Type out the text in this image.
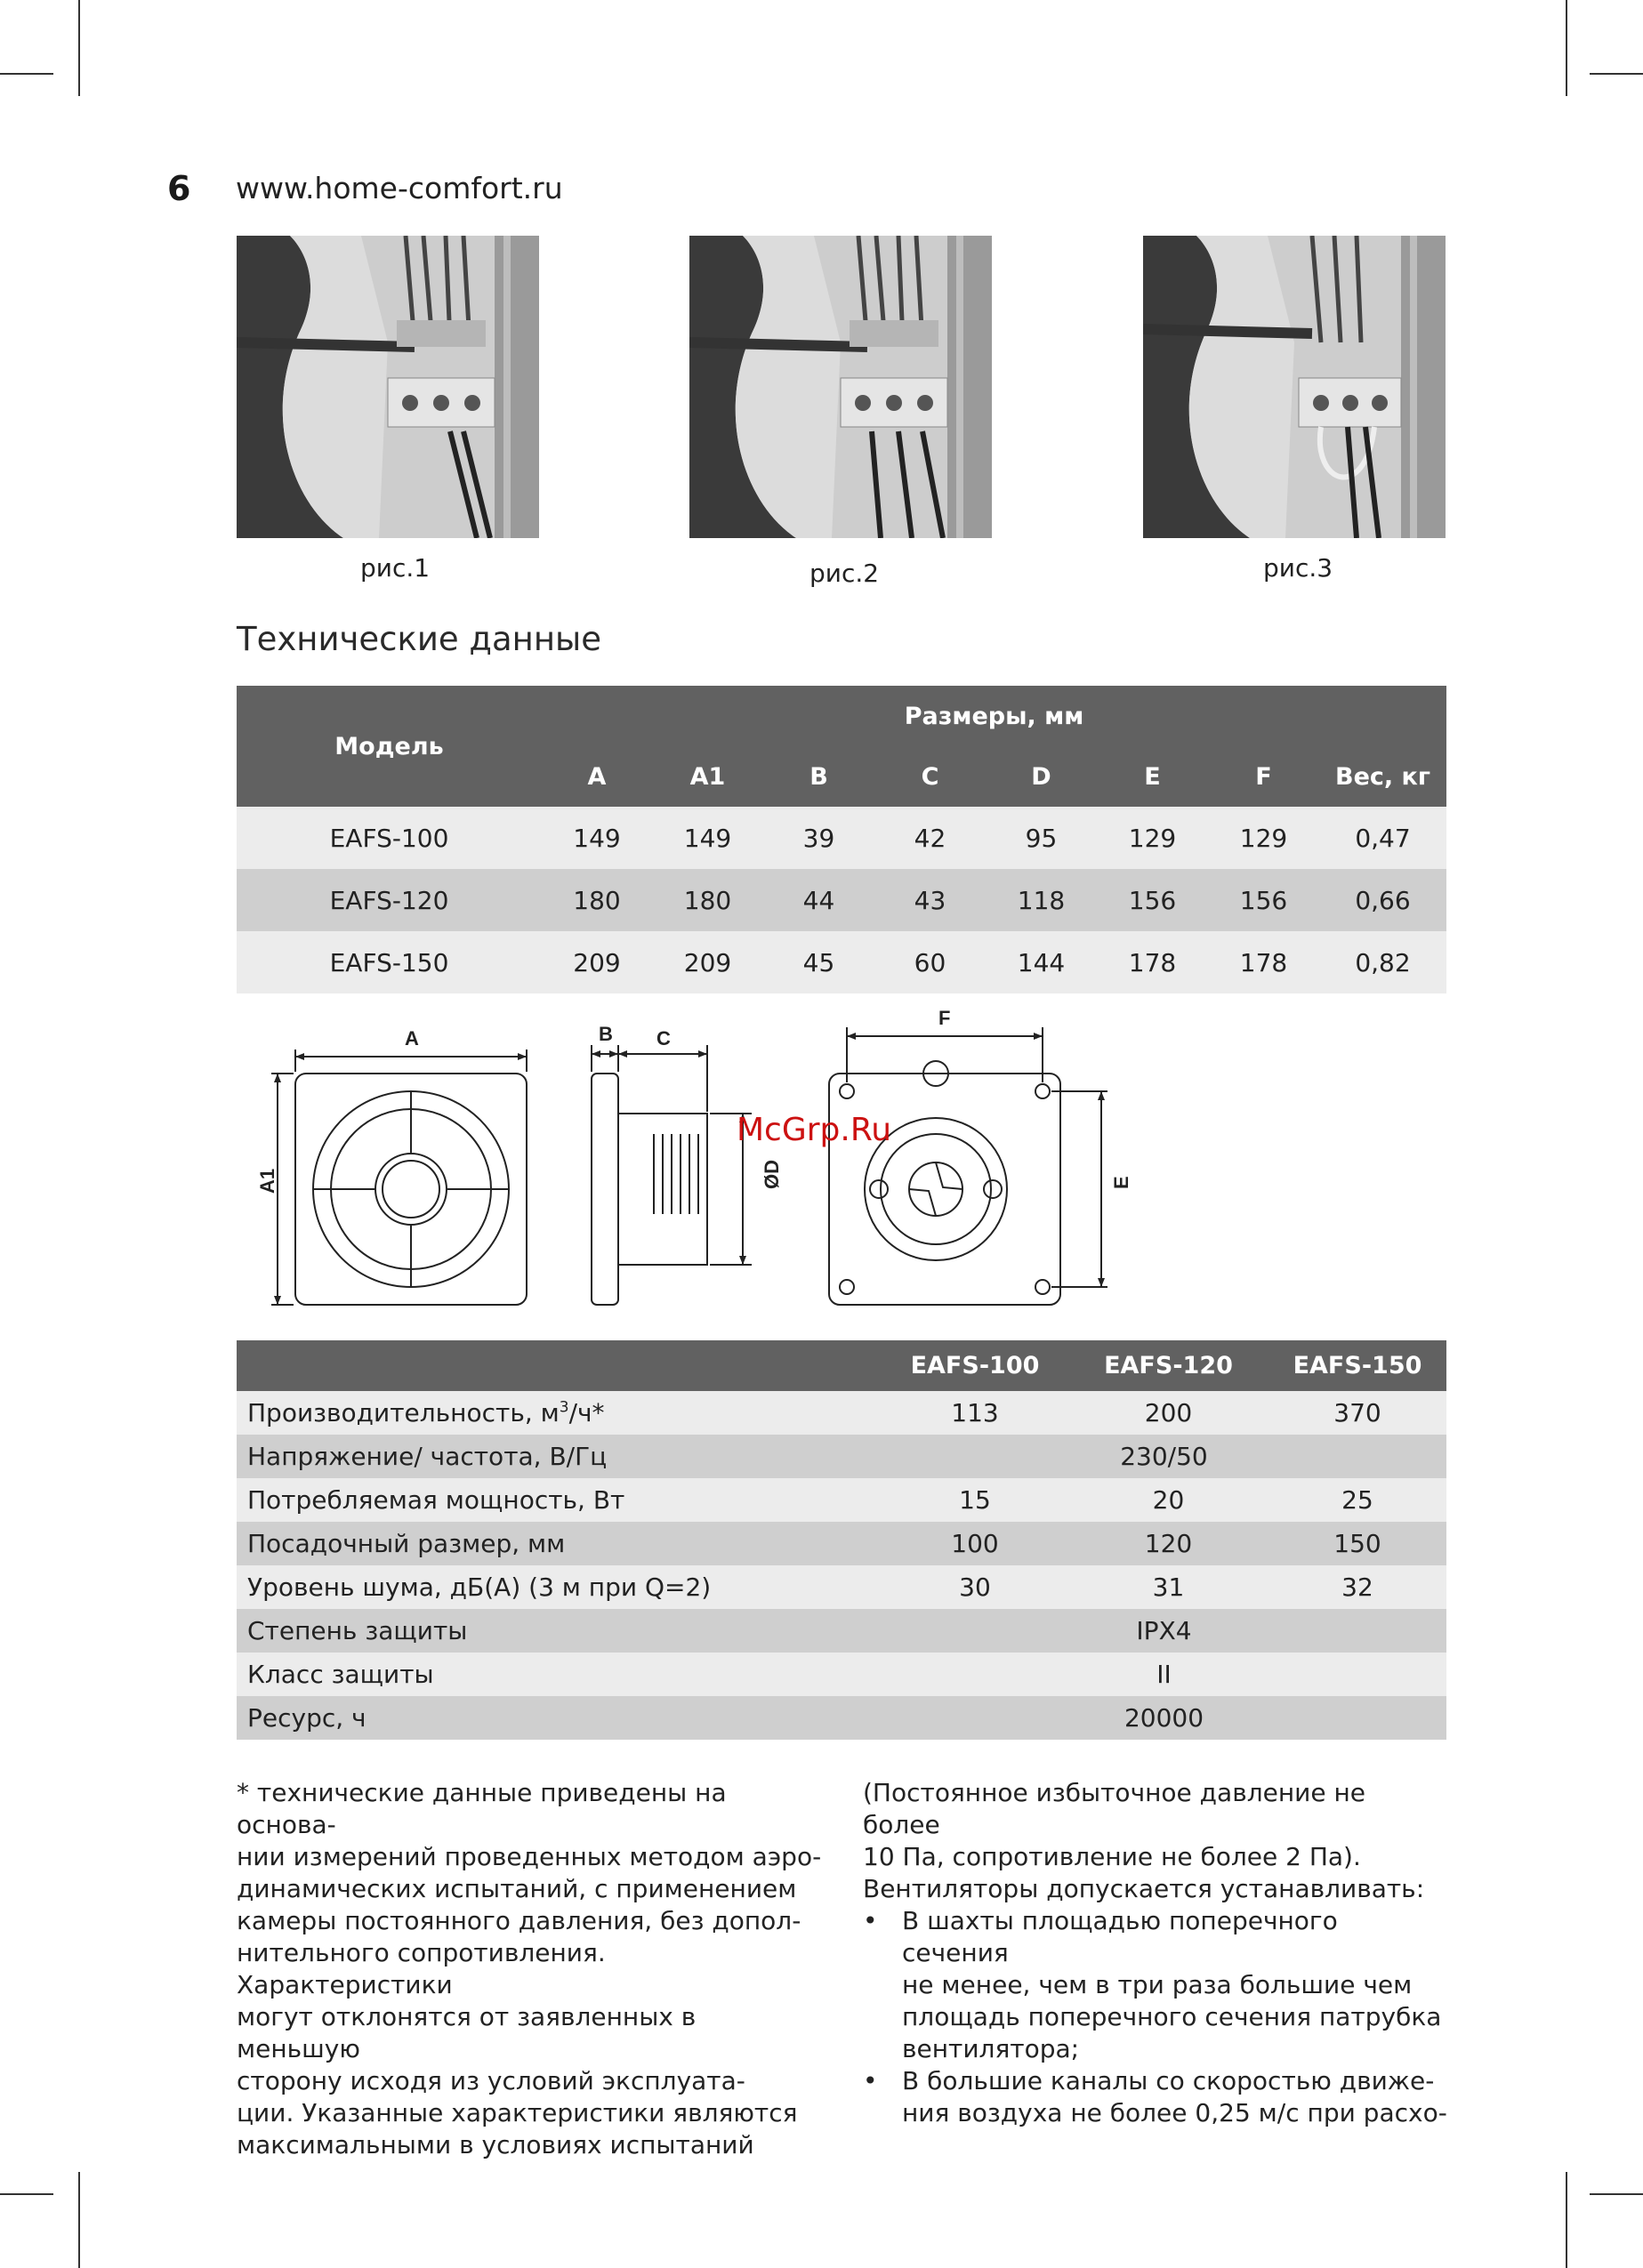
6 www.home-comfort.ru
рис.1	рис.2	рис.3
Технические данные
Модель	Размеры, мм							
	A	A1	B	C	D	E	F	Вес, кг
EAFS-100	149	149	39	42	95	129	129	0,47
EAFS-120	180	180	44	43	118	156	156	0,66
EAFS-150	209	209	45	60	144	178	178	0,82
A
A1
B C
ØD
F
E
McGrp.Ru
	EAFS-100	EAFS-120	EAFS-150
Производительность, $м^3/ч*$	113	200	370
Напряжение/ частота, В/Гц	230/50		
Потребляемая мощность, Вт	15	20	25
Посадочный размер, мм	100	120	150
Уровень шума, дБ(А) (3 м при Q=2)	30	31	32
Степень защиты	IPX4		
Класс защиты	II		
Ресурс, ч	20000		
* технические данные приведены на основа-
нии измерений проведенных методом аэро-
динамических испытаний, с применением
камеры постоянного давления, без допол-
нительного сопротивления. Характеристики
могут отклонятся от заявленных в меньшую
сторону исходя из условий эксплуата-
ции. Указанные характеристики являются
максимальными в условиях испытаний
(Постоянное избыточное давление не более
10 Па, сопротивление не более 2 Па).
Вентиляторы допускается устанавливать:
• В шахты площадью поперечного сечения
не менее, чем в три раза большие чем
площадь поперечного сечения патрубка
вентилятора;
• В большие каналы со скоростью движе-
ния воздуха не более 0,25 м/с при расхо-
